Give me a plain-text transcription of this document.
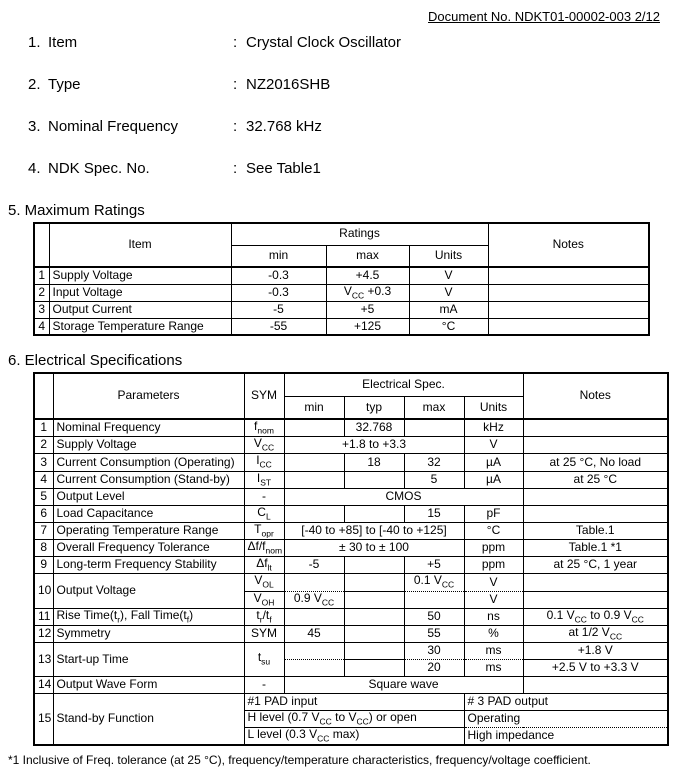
Document No. NDKT01-00002-003 2/12
1. Item	: Crystal Clock Oscillator
2. Type	: NZ2016SHB
3. Nominal Frequency	: 32.768 kHz
4. NDK Spec. No.	: See Table1
5. Maximum Ratings
	Item	Ratings			Notes
		min	max	Units	
1	Supply Voltage	-0.3	+4.5	V	
2	Input Voltage	-0.3	$V_{CC} +0.3$	V	
3	Output Current	-5	+5	mA	
4	Storage Temperature Range	-55	+125	°C	
6. Electrical Specifications
	Parameters	SYM	Electrical Spec.				Notes
			min	typ	max	Units	
1	Nominal Frequency	$f_{nom}$		32.768		kHz	
2	Supply Voltage	$V_{CC}$	+1.8 to +3.3			V	
3	Current Consumption (Operating)	$I_{CC}$		18	32	µA	at 25 °C, No load
4	Current Consumption (Stand-by)	$I_{ST}$			5	µA	at 25 °C
5	Output Level	-	CMOS				
6	Load Capacitance	$C_L$			15	pF	
7	Operating Temperature Range	$T_{opr}$	[-40 to +85] to [-40 to +125]			°C	Table.1
8	Overall Frequency Tolerance	$\Delta f/f_{nom}$	± 30 to ± 100			ppm	Table.1 *1
9	Long-term Frequency Stability	$\Delta f_{lt}$	-5		+5	ppm	at 25 °C, 1 year
10	Output Voltage	$V_{OL}$			0.1 $V_{CC}$	V	
		$V_{OH}$	0.9 $V_{CC}$			V	
11	Rise $Time(t_r)$, Fall $Time(t_f)$	$t_r/t_f$			50	ns	0.1 $V_{CC}$ to 0.9 $V_{CC}$
12	Symmetry	SYM	45		55	%	at 1/2 $V_{CC}$
13	Start-up Time	$t_{su}$			30	ms	+1.8 V
					20	ms	+2.5 V to +3.3 V
14	Output Wave Form	-	Square wave				
15	Stand-by Function	#1 PAD input				# 3 PAD output	
		H level (0.7 $V_{CC}$ to $V_{CC}$) or open				Operating	
		L level (0.3 $V_{CC}$ max)				High impedance	
*1 Inclusive of Freq. tolerance (at 25 °C), frequency/temperature characteristics, frequency/voltage coefficient.
